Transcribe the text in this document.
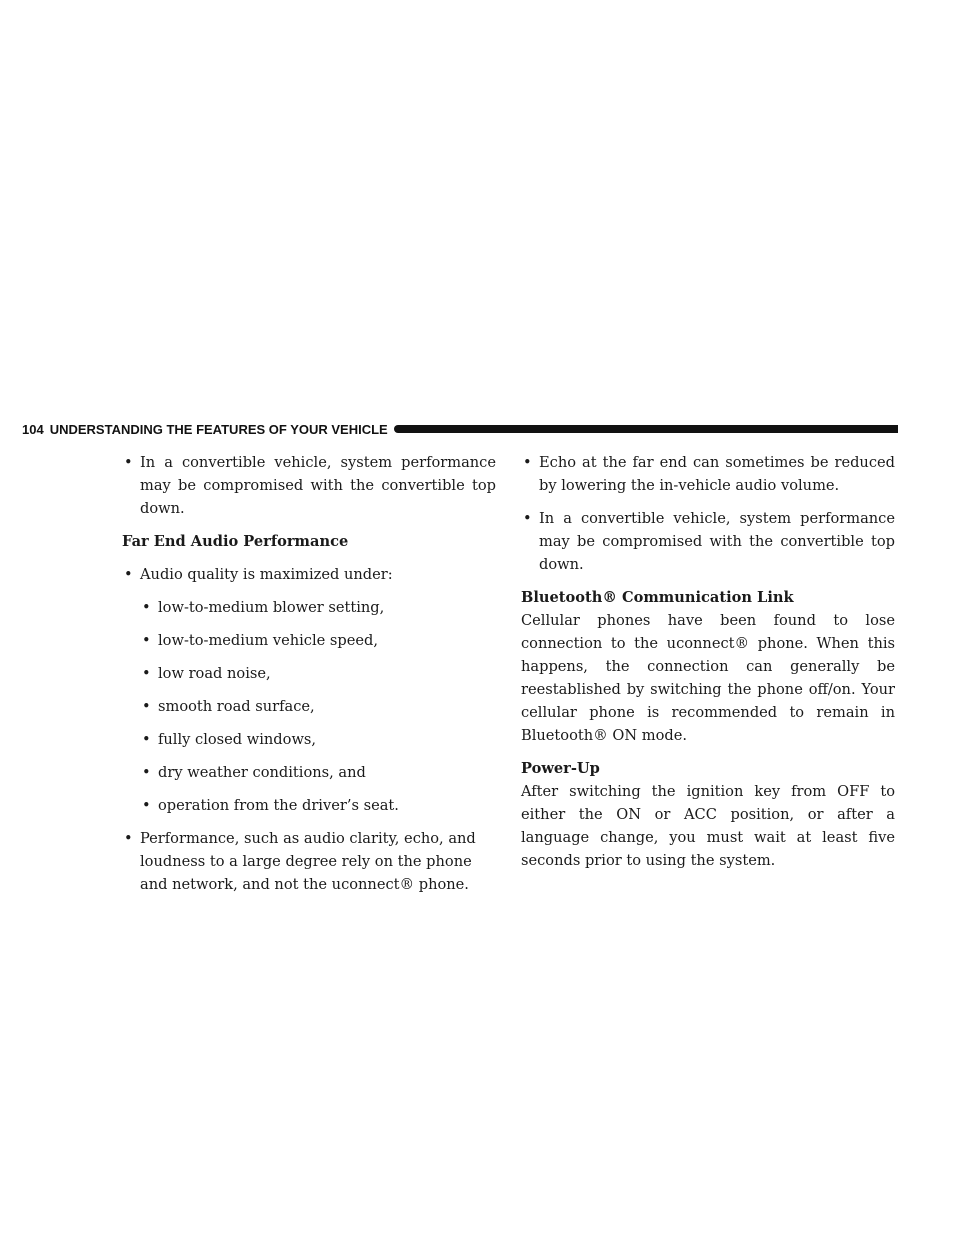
104 UNDERSTANDING THE FEATURES OF YOUR VEHICLE
• In a convertible vehicle, system performance may be compromised with the convertible top down.
Far End Audio Performance
• Audio quality is maximized under:
• low-to-medium blower setting,
• low-to-medium vehicle speed,
• low road noise,
• smooth road surface,
• fully closed windows,
• dry weather conditions, and
• operation from the driver’s seat.
• Performance, such as audio clarity, echo, and loudness to a large degree rely on the phone and network, and not the uconnect® phone.
• Echo at the far end can sometimes be reduced by lowering the in-vehicle audio volume.
• In a convertible vehicle, system performance may be compromised with the convertible top down.
Bluetooth® Communication Link
Cellular phones have been found to lose connection to the uconnect® phone. When this happens, the connection can generally be reestablished by switching the phone off/on. Your cellular phone is recommended to remain in Bluetooth® ON mode.
Power-Up
After switching the ignition key from OFF to either the ON or ACC position, or after a language change, you must wait at least five seconds prior to using the system.
